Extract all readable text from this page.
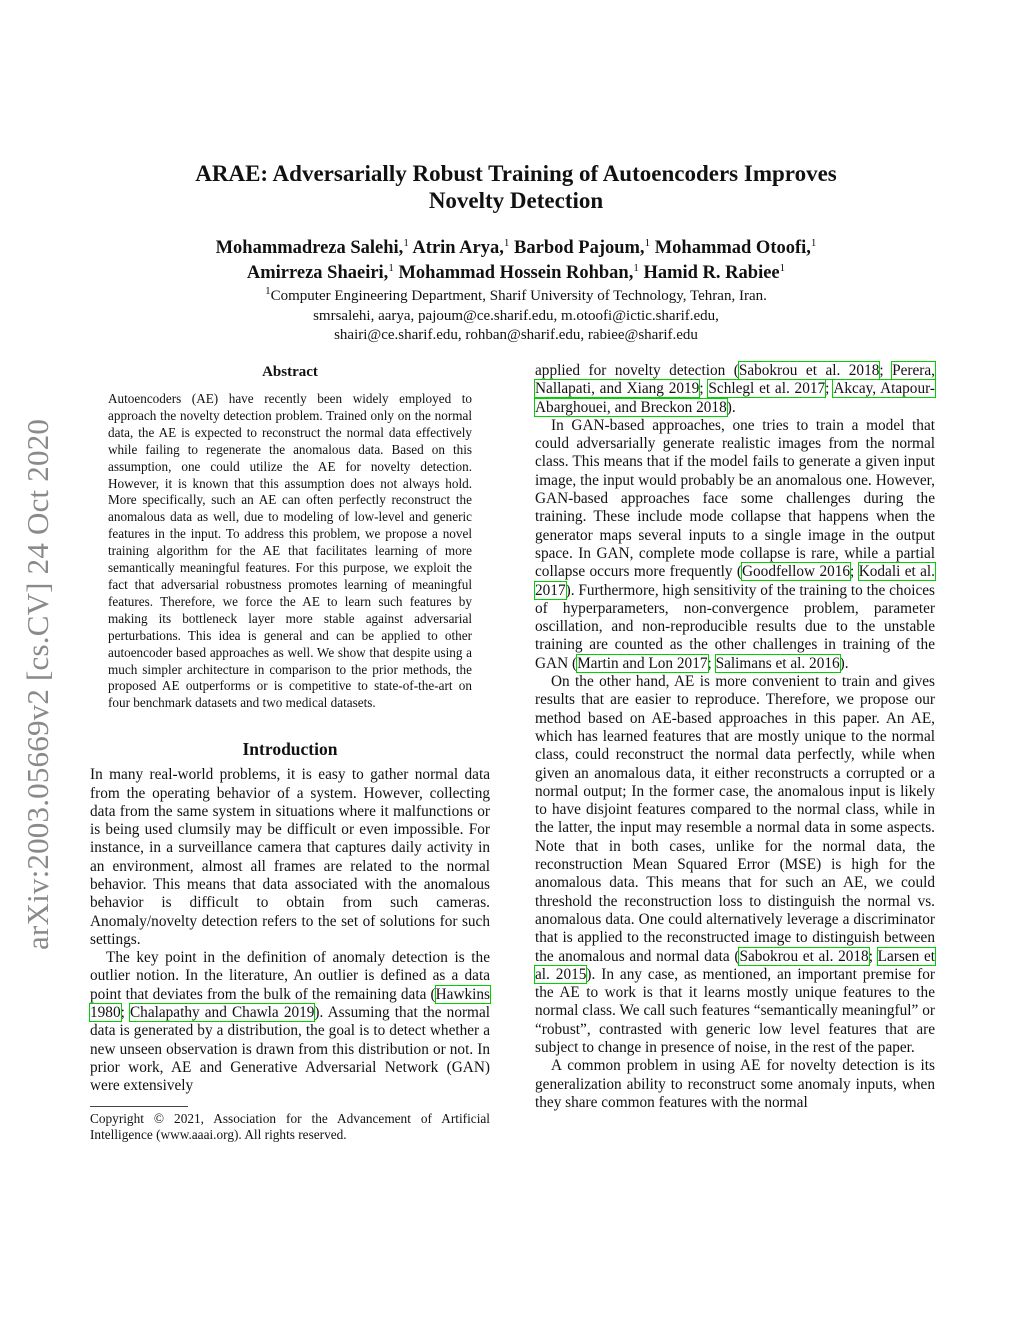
arXiv:2003.05669v2 [cs.CV] 24 Oct 2020
ARAE: Adversarially Robust Training of Autoencoders Improves
Novelty Detection
Mohammadreza Salehi,$^1$ Atrin Arya,$^1$ Barbod Pajoum,$^1$ Mohammad Otoofi,$^1$
Amirreza Shaeiri,$^1$ Mohammad Hossein Rohban,$^1$ Hamid R. Rabiee$^1$
$^1$Computer Engineering Department, Sharif University of Technology, Tehran, Iran.
smrsalehi, aarya, pajoum@ce.sharif.edu, m.otoofi@ictic.sharif.edu,
shairi@ce.sharif.edu, rohban@sharif.edu, rabiee@sharif.edu
Abstract
Autoencoders (AE) have recently been widely employed to approach the novelty detection problem. Trained only on the normal data, the AE is expected to reconstruct the normal data effectively while failing to regenerate the anomalous data. Based on this assumption, one could utilize the AE for novelty detection. However, it is known that this assumption does not always hold. More specifically, such an AE can often perfectly reconstruct the anomalous data as well, due to modeling of low-level and generic features in the input. To address this problem, we propose a novel training algorithm for the AE that facilitates learning of more semantically meaningful features. For this purpose, we exploit the fact that adversarial robustness promotes learning of meaningful features. Therefore, we force the AE to learn such features by making its bottleneck layer more stable against adversarial perturbations. This idea is general and can be applied to other autoencoder based approaches as well. We show that despite using a much simpler architecture in comparison to the prior methods, the proposed AE outperforms or is competitive to state-of-the-art on four benchmark datasets and two medical datasets.
Introduction

In many real-world problems, it is easy to gather normal data from the operating behavior of a system. However, collecting data from the same system in situations where it malfunctions or is being used clumsily may be difficult or even impossible. For instance, in a surveillance camera that captures daily activity in an environment, almost all frames are related to the normal behavior. This means that data associated with the anomalous behavior is difficult to obtain from such cameras. Anomaly/novelty detection refers to the set of solutions for such settings.

The key point in the definition of anomaly detection is the outlier notion. In the literature, An outlier is defined as a data point that deviates from the bulk of the remaining data (Hawkins 1980; Chalapathy and Chawla 2019). Assuming that the normal data is generated by a distribution, the goal is to detect whether a new unseen observation is drawn from this distribution or not. In prior work, AE and Generative Adversarial Network (GAN) were extensively

Copyright © 2021, Association for the Advancement of Artificial Intelligence (www.aaai.org). All rights reserved.

applied for novelty detection (Sabokrou et al. 2018; Perera, Nallapati, and Xiang 2019; Schlegl et al. 2017; Akcay, Atapour-Abarghouei, and Breckon 2018).

In GAN-based approaches, one tries to train a model that could adversarially generate realistic images from the normal class. This means that if the model fails to generate a given input image, the input would probably be an anomalous one. However, GAN-based approaches face some challenges during the training. These include mode collapse that happens when the generator maps several inputs to a single image in the output space. In GAN, complete mode collapse is rare, while a partial collapse occurs more frequently (Goodfellow 2016; Kodali et al. 2017). Furthermore, high sensitivity of the training to the choices of hyperparameters, non-convergence problem, parameter oscillation, and non-reproducible results due to the unstable training are counted as the other challenges in training of the GAN (Martin and Lon 2017; Salimans et al. 2016).

On the other hand, AE is more convenient to train and gives results that are easier to reproduce. Therefore, we propose our method based on AE-based approaches in this paper. An AE, which has learned features that are mostly unique to the normal class, could reconstruct the normal data perfectly, while when given an anomalous data, it either reconstructs a corrupted or a normal output; In the former case, the anomalous input is likely to have disjoint features compared to the normal class, while in the latter, the input may resemble a normal data in some aspects. Note that in both cases, unlike for the normal data, the reconstruction Mean Squared Error (MSE) is high for the anomalous data. This means that for such an AE, we could threshold the reconstruction loss to distinguish the normal vs. anomalous data. One could alternatively leverage a discriminator that is applied to the reconstructed image to distinguish between the anomalous and normal data (Sabokrou et al. 2018; Larsen et al. 2015). In any case, as mentioned, an important premise for the AE to work is that it learns mostly unique features to the normal class. We call such features “semantically meaningful” or “robust”, contrasted with generic low level features that are subject to change in presence of noise, in the rest of the paper.

A common problem in using AE for novelty detection is its generalization ability to reconstruct some anomaly inputs, when they share common features with the normal
